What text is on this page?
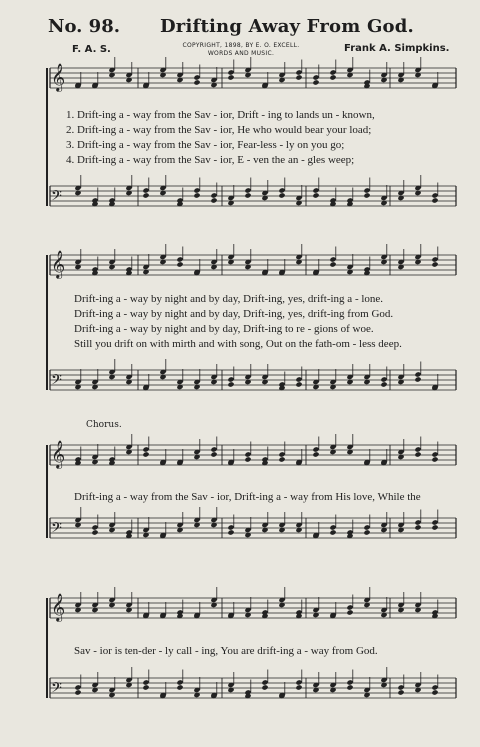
𝄞
𝄢
𝄞
𝄢
𝄞
𝄢
𝄞
𝄢
No. 98. Drifting Away From God.
F. A. S.	COPYRIGHT, 1898, BY E. O. EXCELL.
WORDS AND MUSIC.	Frank A. Simpkins.
1. Drift-ing a - way from the Sav - ior, Drift - ing to lands un - known,
2. Drift-ing a - way from the Sav - ior, He who would bear your load;
3. Drift-ing a - way from the Sav - ior, Fear-less - ly on you go;
4. Drift-ing a - way from the Sav - ior, E - ven the an - gles weep;
Drift-ing a - way by night and by day, Drift-ing, yes, drift-ing a - lone.
Drift-ing a - way by night and by day, Drift-ing, yes, drift-ing from God.
Drift-ing a - way by night and by day, Drift-ing to re - gions of woe.
Still you drift on with mirth and with song, Out on the fath-om - less deep.
Chorus.
Drift-ing a - way from the Sav - ior, Drift-ing a - way from His love, While the
Sav - ior is ten-der - ly call - ing, You are drift-ing a - way from God.
